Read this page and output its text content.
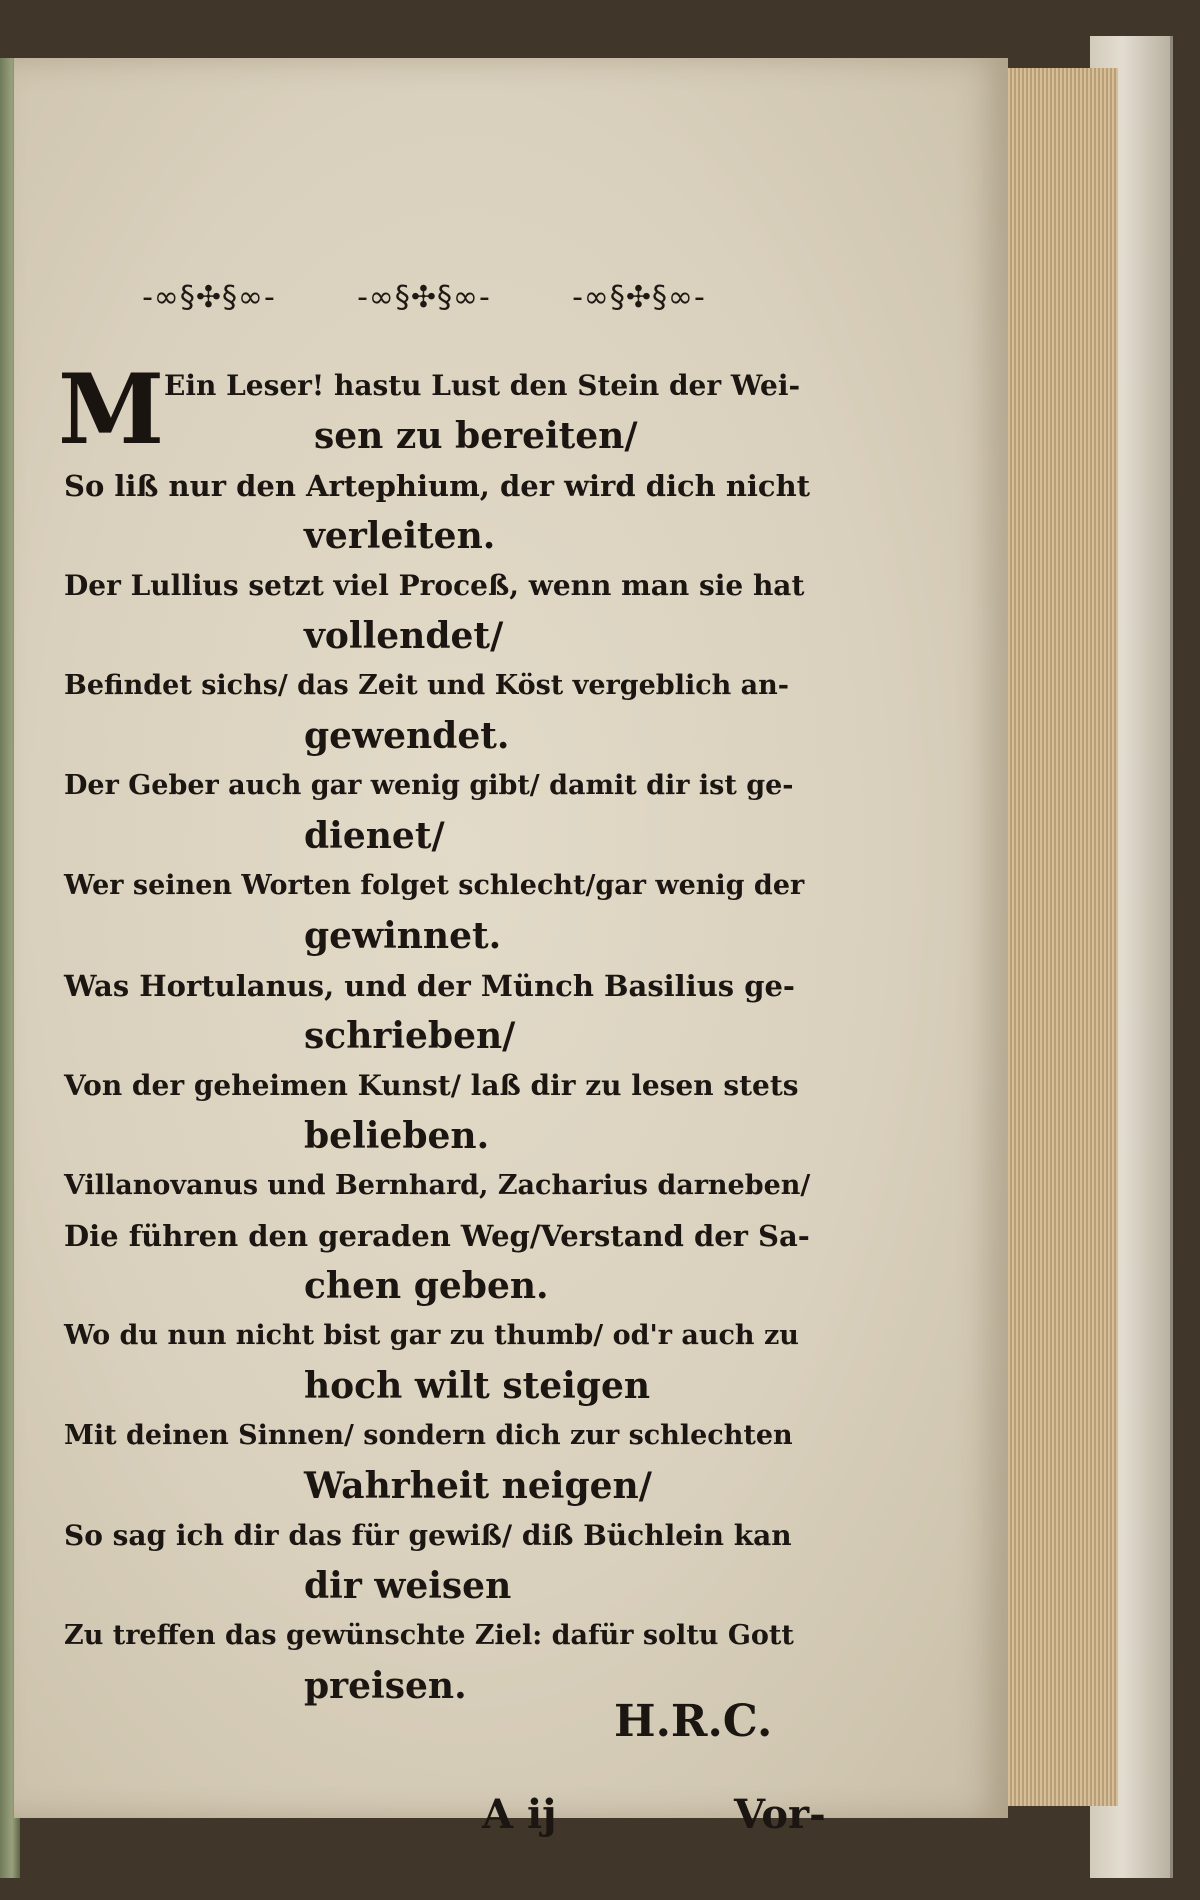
-∞§✣§∞-	-∞§✣§∞-	-∞§✣§∞-
M Ein Leser! hastu Lust den Stein der Wei-
sen zu bereiten/
So liß nur den Artephium, der wird dich nicht
verleiten.
Der Lullius setzt viel Proceß, wenn man sie hat
vollendet/
Befindet sichs/ das Zeit und Köst vergeblich an-
gewendet.
Der Geber auch gar wenig gibt/ damit dir ist ge-
dienet/
Wer seinen Worten folget schlecht/gar wenig der
gewinnet.
Was Hortulanus, und der Münch Basilius ge-
schrieben/
Von der geheimen Kunst/ laß dir zu lesen stets
belieben.
Villanovanus und Bernhard, Zacharius darneben/
Die führen den geraden Weg/Verstand der Sa-
chen geben.
Wo du nun nicht bist gar zu thumb/ od'r auch zu
hoch wilt steigen
Mit deinen Sinnen/ sondern dich zur schlechten
Wahrheit neigen/
So sag ich dir das für gewiß/ diß Büchlein kan
dir weisen
Zu treffen das gewünschte Ziel: dafür soltu Gott
preisen.
H.R.C.
A ij	Vor-
